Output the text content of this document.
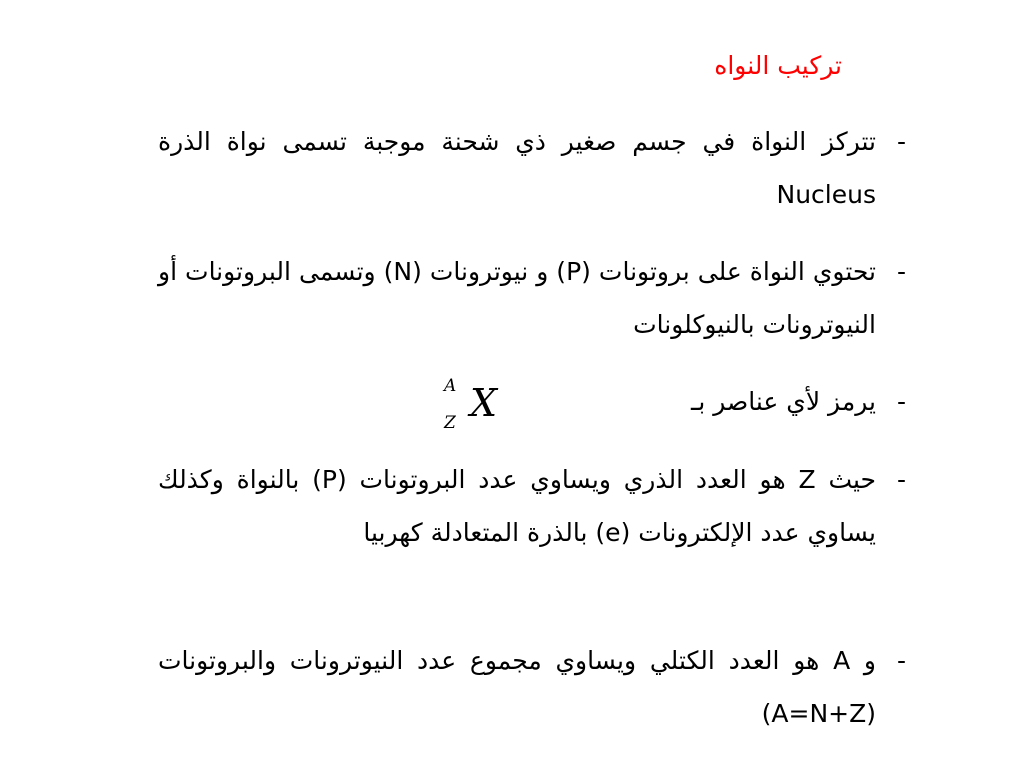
تركيب النواه
-
تتركز النواة في جسم صغير ذي شحنة موجبة تسمى نواة الذرة Nucleus
-
تحتوي النواة على بروتونات (P) و نيوترونات (N) وتسمى البروتونات أو النيوترونات بالنيوكلونات
-
يرمز لأي عناصر بـ
A
Z X
-
حيث Z هو العدد الذري ويساوي عدد البروتونات (P) بالنواة وكذلك يساوي عدد الإلكترونات (e) بالذرة المتعادلة كهربيا
-
و A هو العدد الكتلي ويساوي مجموع عدد النيوترونات والبروتونات (A=N+Z)
